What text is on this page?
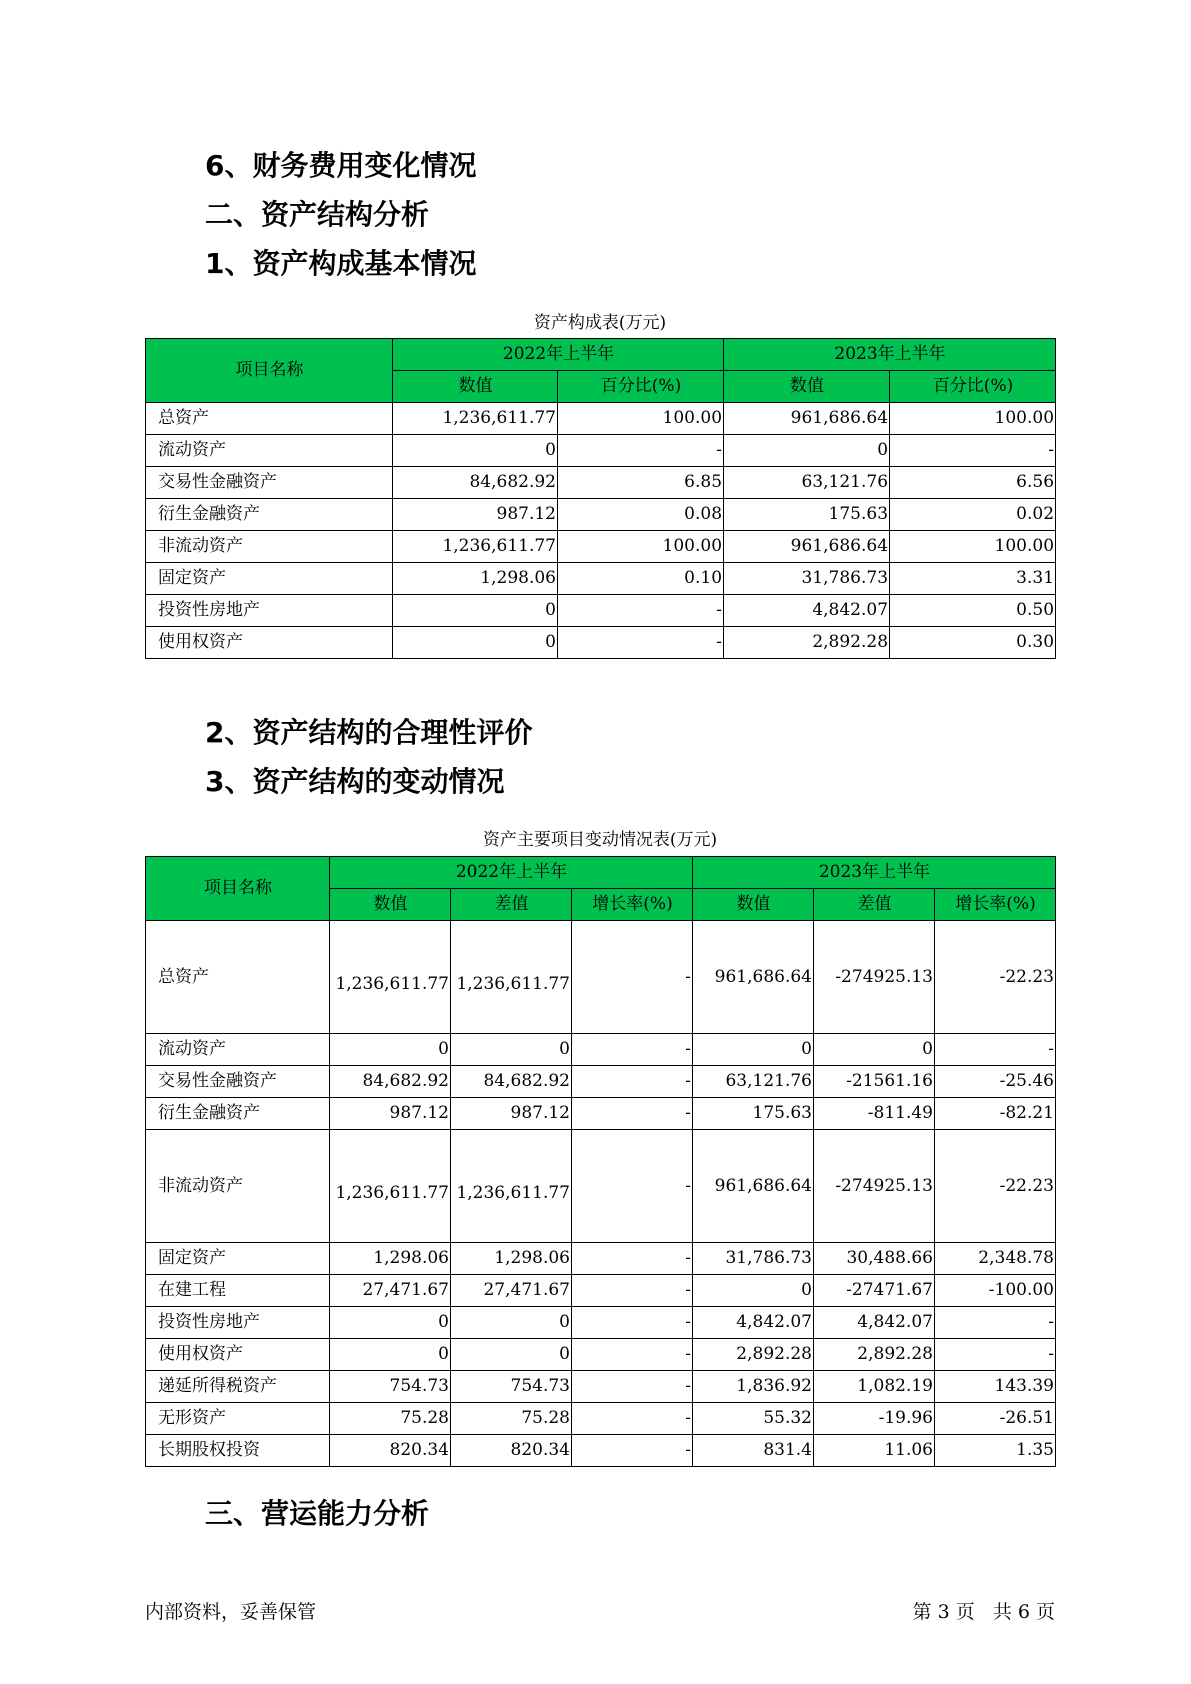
6、财务费用变化情况
二、资产结构分析
1、资产构成基本情况
资产构成表(万元)
项目名称	2022年上半年		2023年上半年	
	数值	百分比(%)	数值	百分比(%)
总资产	1,236,611.77	100.00	961,686.64	100.00
流动资产	0	-	0	-
交易性金融资产	84,682.92	6.85	63,121.76	6.56
衍生金融资产	987.12	0.08	175.63	0.02
非流动资产	1,236,611.77	100.00	961,686.64	100.00
固定资产	1,298.06	0.10	31,786.73	3.31
投资性房地产	0	-	4,842.07	0.50
使用权资产	0	-	2,892.28	0.30
2、资产结构的合理性评价
3、资产结构的变动情况
资产主要项目变动情况表(万元)
项目名称	2022年上半年			2023年上半年		
	数值	差值	增长率(%)	数值	差值	增长率(%)
总资产	1,236,611.77	1,236,611.77	-	961,686.64	-274925.13	-22.23
流动资产	0	0	-	0	0	-
交易性金融资产	84,682.92	84,682.92	-	63,121.76	-21561.16	-25.46
衍生金融资产	987.12	987.12	-	175.63	-811.49	-82.21
非流动资产	1,236,611.77	1,236,611.77	-	961,686.64	-274925.13	-22.23
固定资产	1,298.06	1,298.06	-	31,786.73	30,488.66	2,348.78
在建工程	27,471.67	27,471.67	-	0	-27471.67	-100.00
投资性房地产	0	0	-	4,842.07	4,842.07	-
使用权资产	0	0	-	2,892.28	2,892.28	-
递延所得税资产	754.73	754.73	-	1,836.92	1,082.19	143.39
无形资产	75.28	75.28	-	55.32	-19.96	-26.51
长期股权投资	820.34	820.34	-	831.4	11.06	1.35
三、营运能力分析
内部资料，妥善保管	第 3 页   共 6 页
